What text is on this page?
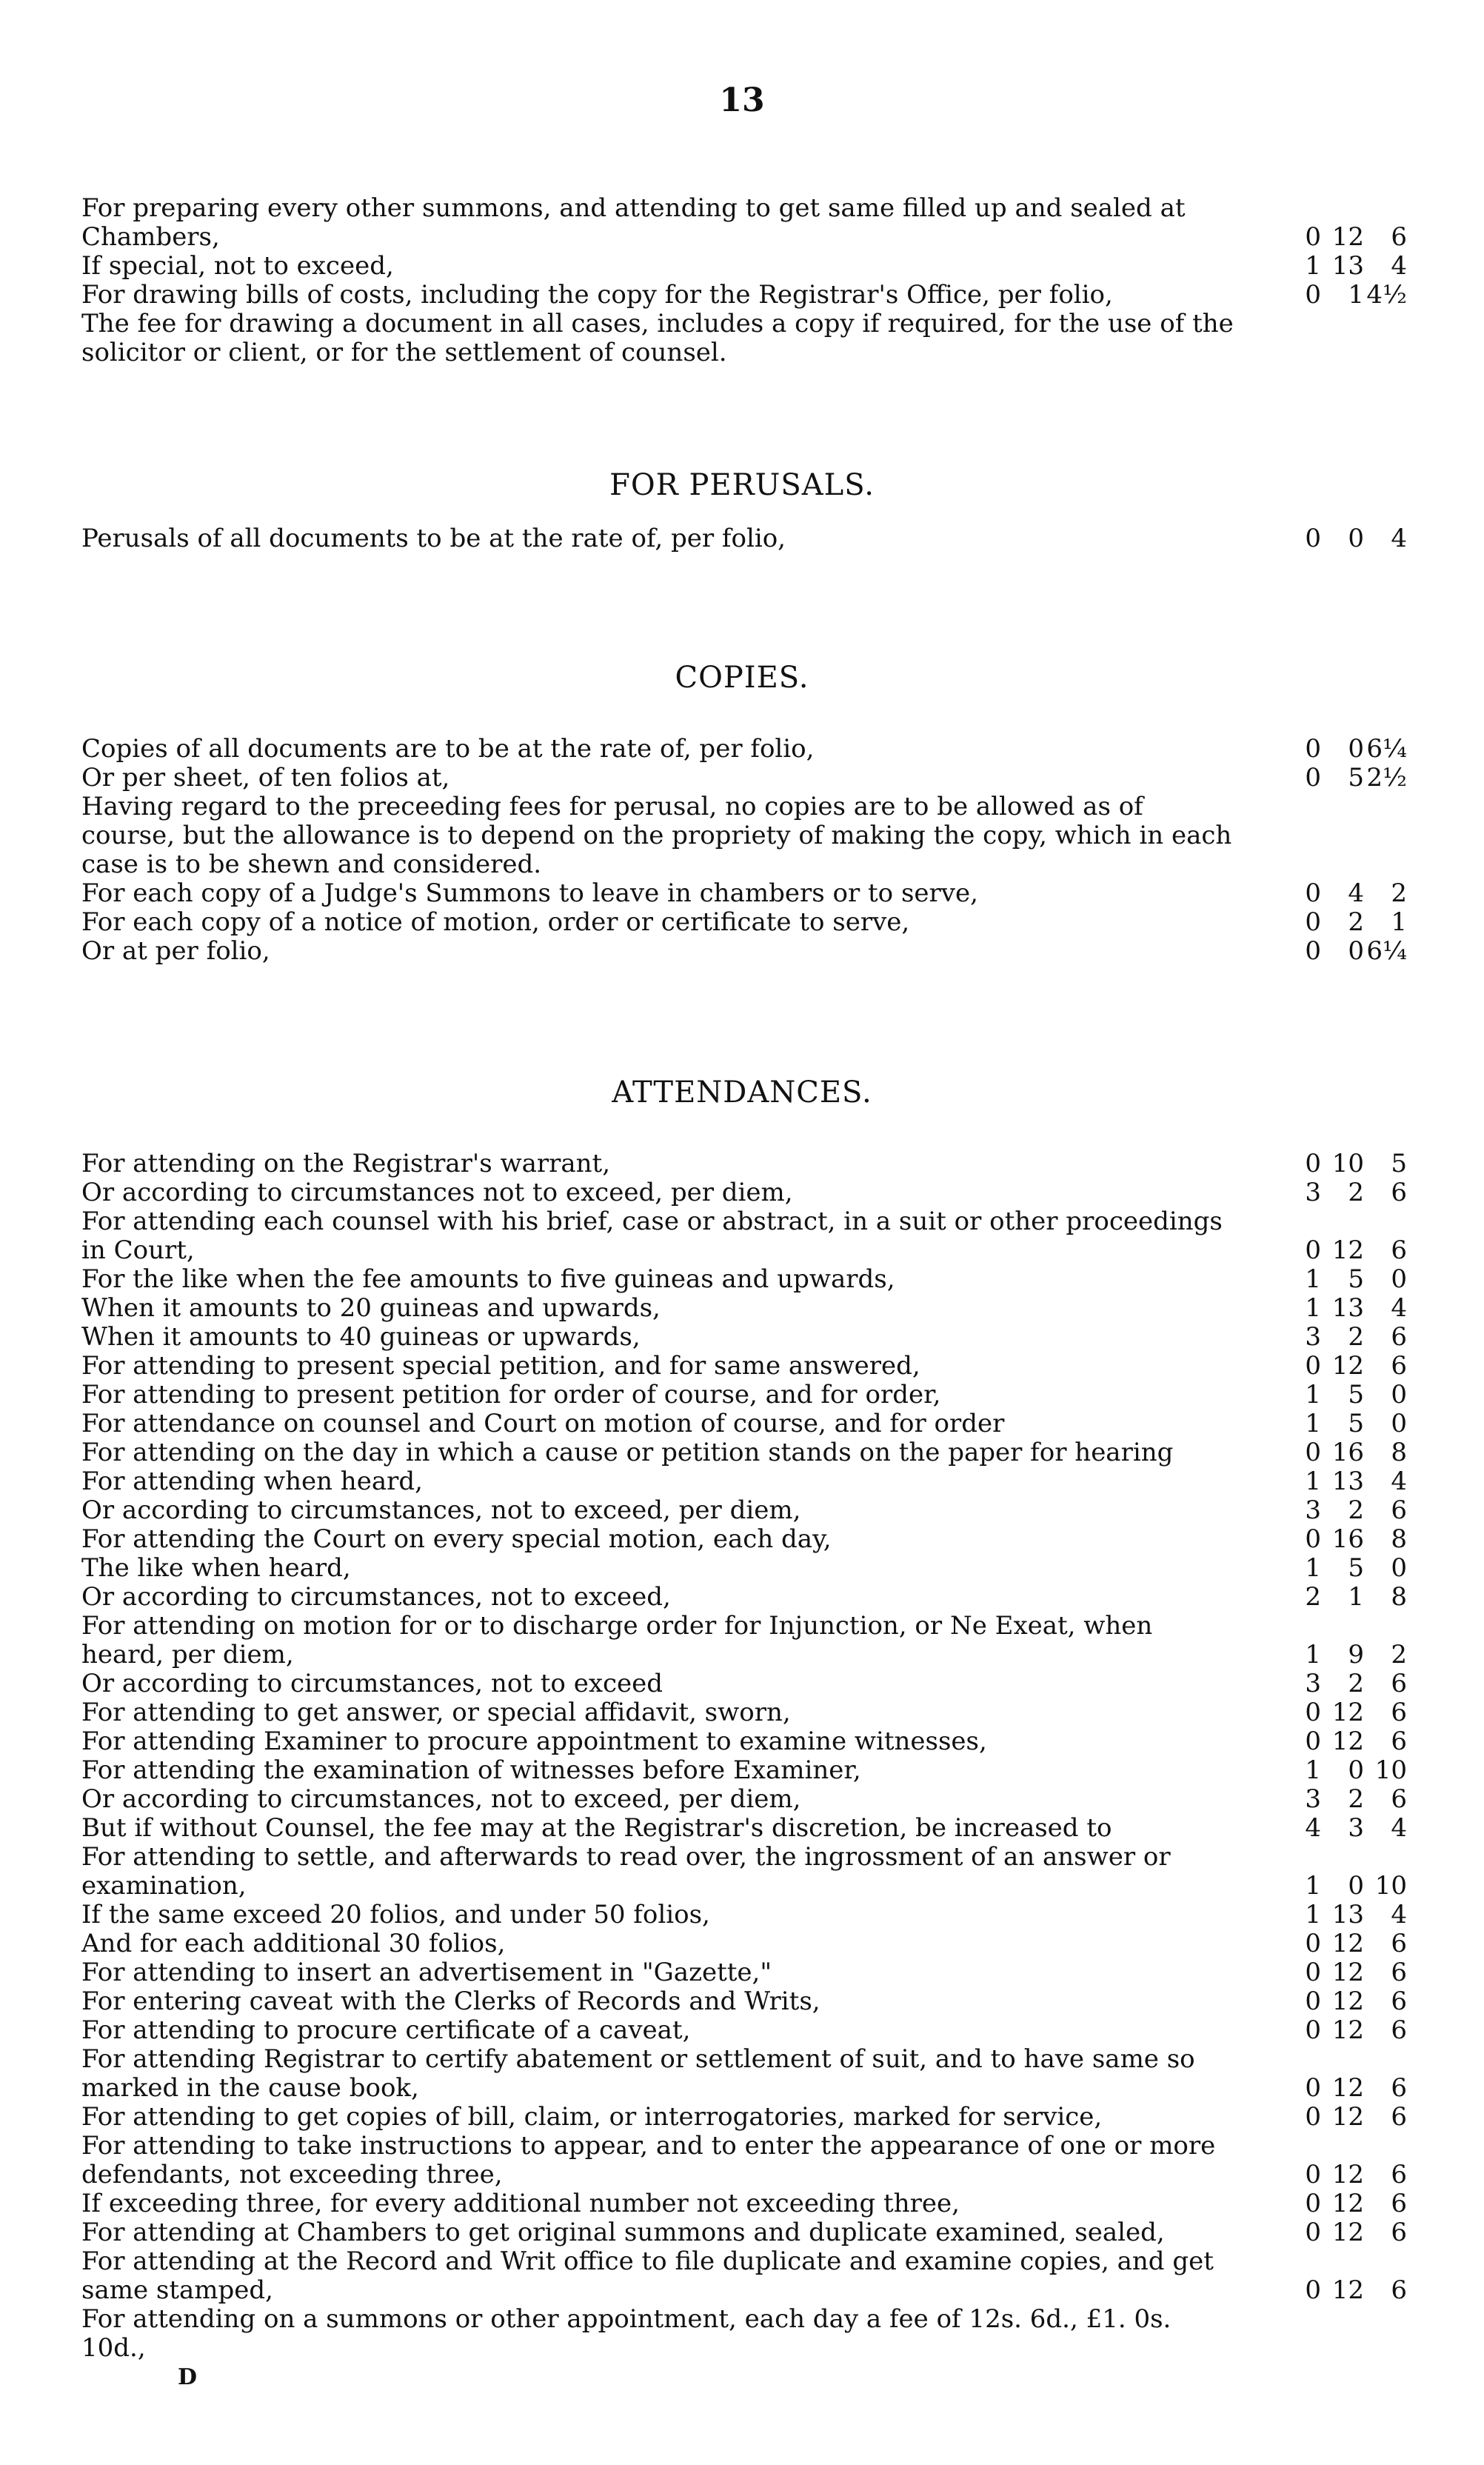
13
For preparing every other summons, and attending to get same filled up and sealed at Chambers,	0 12 6
If special, not to exceed,	1 13 4
For drawing bills of costs, including the copy for the Registrar's Office, per folio,	0 1 4½
The fee for drawing a document in all cases, includes a copy if required, for the use of the solicitor or client, or for the settlement of counsel.
FOR PERUSALS.
Perusals of all documents to be at the rate of, per folio,	0 0 4
COPIES.
Copies of all documents are to be at the rate of, per folio,	0 0 6¼
Or per sheet, of ten folios at,	0 5 2½
Having regard to the preceeding fees for perusal, no copies are to be allowed as of course, but the allowance is to depend on the propriety of making the copy, which in each case is to be shewn and considered.
For each copy of a Judge's Summons to leave in chambers or to serve,	0 4 2
For each copy of a notice of motion, order or certificate to serve,	0 2 1
Or at per folio,	0 0 6¼
ATTENDANCES.
For attending on the Registrar's warrant,	0 10 5
Or according to circumstances not to exceed, per diem,	3 2 6
For attending each counsel with his brief, case or abstract, in a suit or other proceedings in Court,	0 12 6
For the like when the fee amounts to five guineas and upwards,	1 5 0
When it amounts to 20 guineas and upwards,	1 13 4
When it amounts to 40 guineas or upwards,	3 2 6
For attending to present special petition, and for same answered,	0 12 6
For attending to present petition for order of course, and for order,	1 5 0
For attendance on counsel and Court on motion of course, and for order	1 5 0
For attending on the day in which a cause or petition stands on the paper for hearing	0 16 8
For attending when heard,	1 13 4
Or according to circumstances, not to exceed, per diem,	3 2 6
For attending the Court on every special motion, each day,	0 16 8
The like when heard,	1 5 0
Or according to circumstances, not to exceed,	2 1 8
For attending on motion for or to discharge order for Injunction, or Ne Exeat, when heard, per diem,	1 9 2
Or according to circumstances, not to exceed	3 2 6
For attending to get answer, or special affidavit, sworn,	0 12 6
For attending Examiner to procure appointment to examine witnesses,	0 12 6
For attending the examination of witnesses before Examiner,	1 0 10
Or according to circumstances, not to exceed, per diem,	3 2 6
But if without Counsel, the fee may at the Registrar's discretion, be increased to	4 3 4
For attending to settle, and afterwards to read over, the ingrossment of an answer or examination,	1 0 10
If the same exceed 20 folios, and under 50 folios,	1 13 4
And for each additional 30 folios,	0 12 6
For attending to insert an advertisement in "Gazette,"	0 12 6
For entering caveat with the Clerks of Records and Writs,	0 12 6
For attending to procure certificate of a caveat,	0 12 6
For attending Registrar to certify abatement or settlement of suit, and to have same so marked in the cause book,	0 12 6
For attending to get copies of bill, claim, or interrogatories, marked for service,	0 12 6
For attending to take instructions to appear, and to enter the appearance of one or more defendants, not exceeding three,	0 12 6
If exceeding three, for every additional number not exceeding three,	0 12 6
For attending at Chambers to get original summons and duplicate examined, sealed,	0 12 6
For attending at the Record and Writ office to file duplicate and examine copies, and get same stamped,	0 12 6
For attending on a summons or other appointment, each day a fee of 12s. 6d., £1. 0s. 10d.,
D
